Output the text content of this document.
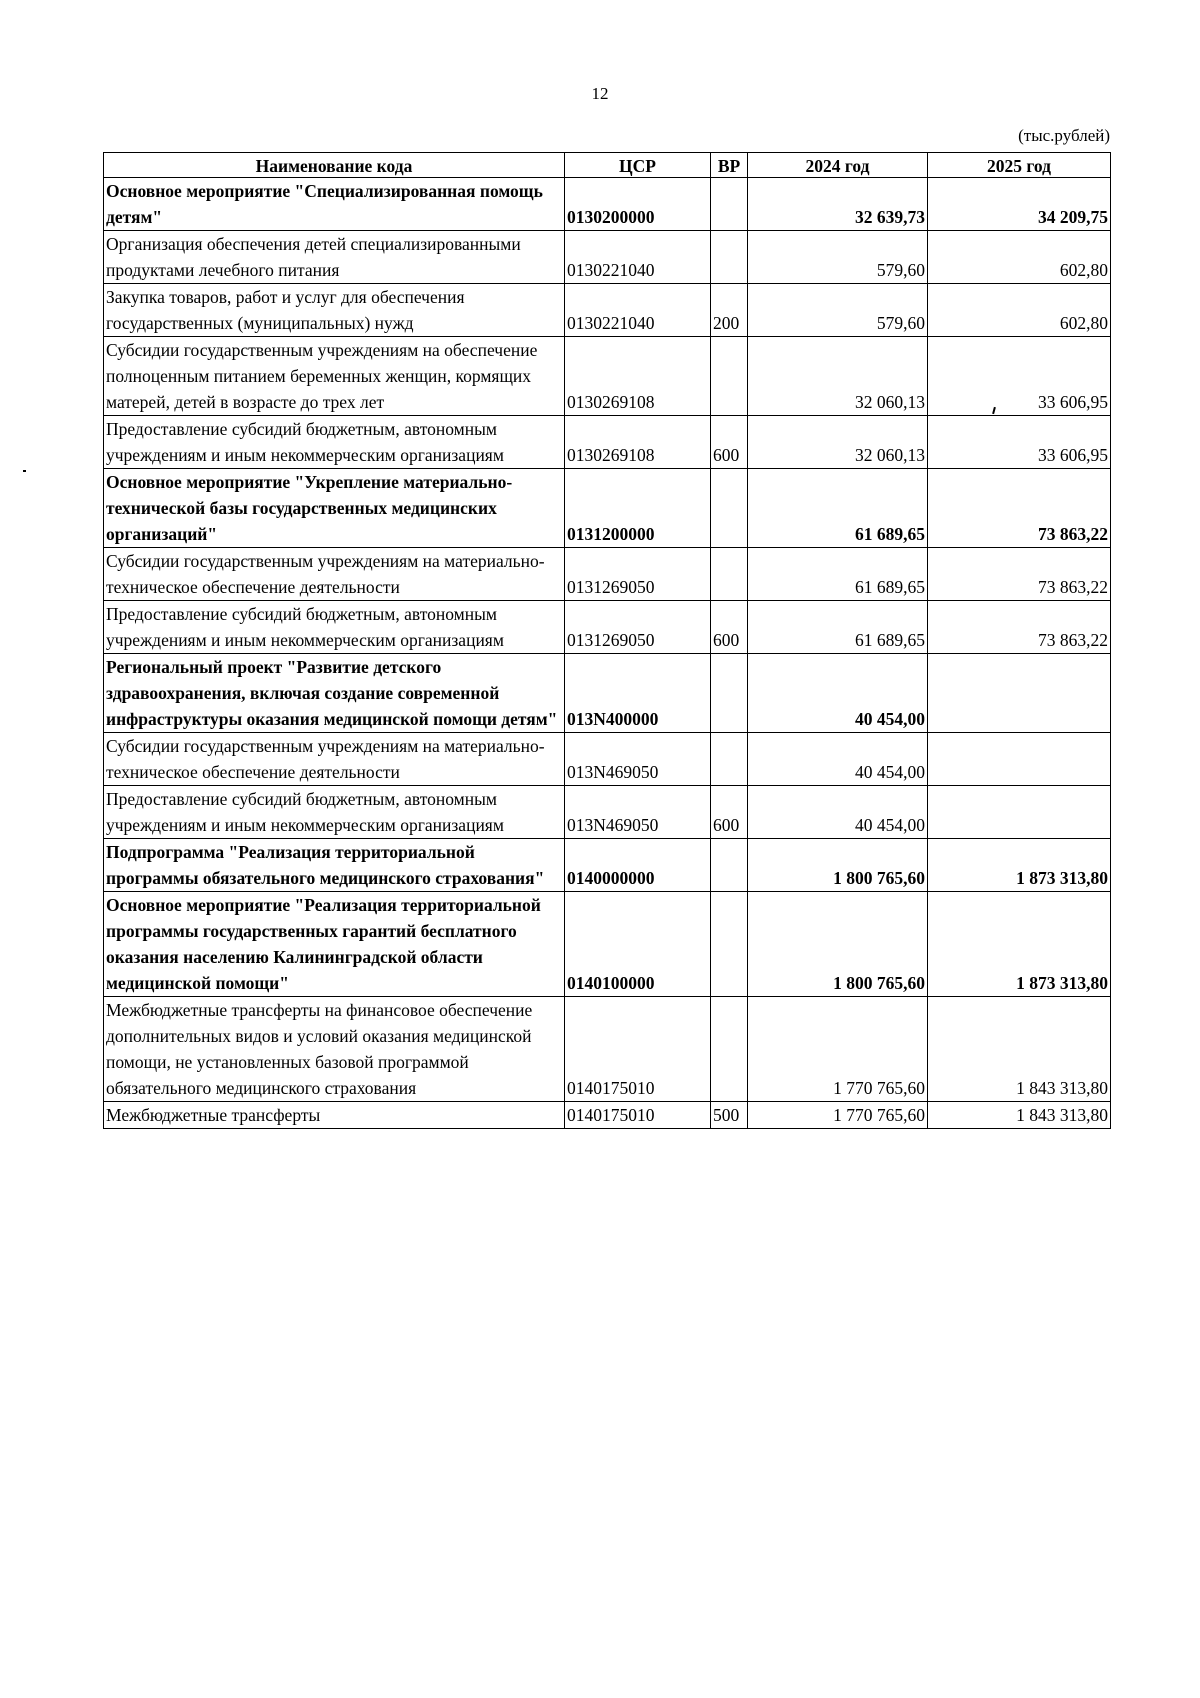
12
(тыс.рублей)
Наименование кода	ЦСР	ВР	2024 год	2025 год
Основное мероприятие "Специализированная помощь детям"	0130200000		32 639,73	34 209,75
Организация обеспечения детей специализированными продуктами лечебного питания	0130221040		579,60	602,80
Закупка товаров, работ и услуг для обеспечения государственных (муниципальных) нужд	0130221040	200	579,60	602,80
Субсидии государственным учреждениям на обеспечение полноценным питанием беременных женщин, кормящих матерей, детей в возрасте до трех лет	0130269108		32 060,13	33 606,95
Предоставление субсидий бюджетным, автономным учреждениям и иным некоммерческим организациям	0130269108	600	32 060,13	33 606,95
Основное мероприятие "Укрепление материально-технической базы государственных медицинских организаций"	0131200000		61 689,65	73 863,22
Субсидии государственным учреждениям на материально-техническое обеспечение деятельности	0131269050		61 689,65	73 863,22
Предоставление субсидий бюджетным, автономным учреждениям и иным некоммерческим организациям	0131269050	600	61 689,65	73 863,22
Региональный проект "Развитие детского здравоохранения, включая создание современной инфраструктуры оказания медицинской помощи детям"	013N400000		40 454,00	
Субсидии государственным учреждениям на материально-техническое обеспечение деятельности	013N469050		40 454,00	
Предоставление субсидий бюджетным, автономным учреждениям и иным некоммерческим организациям	013N469050	600	40 454,00	
Подпрограмма "Реализация территориальной программы обязательного медицинского страхования"	0140000000		1 800 765,60	1 873 313,80
Основное мероприятие "Реализация территориальной программы государственных гарантий бесплатного оказания населению Калининградской области медицинской помощи"	0140100000		1 800 765,60	1 873 313,80
Межбюджетные трансферты на финансовое обеспечение дополнительных видов и условий оказания медицинской помощи, не установленных базовой программой обязательного медицинского страхования	0140175010		1 770 765,60	1 843 313,80
Межбюджетные трансферты	0140175010	500	1 770 765,60	1 843 313,80
